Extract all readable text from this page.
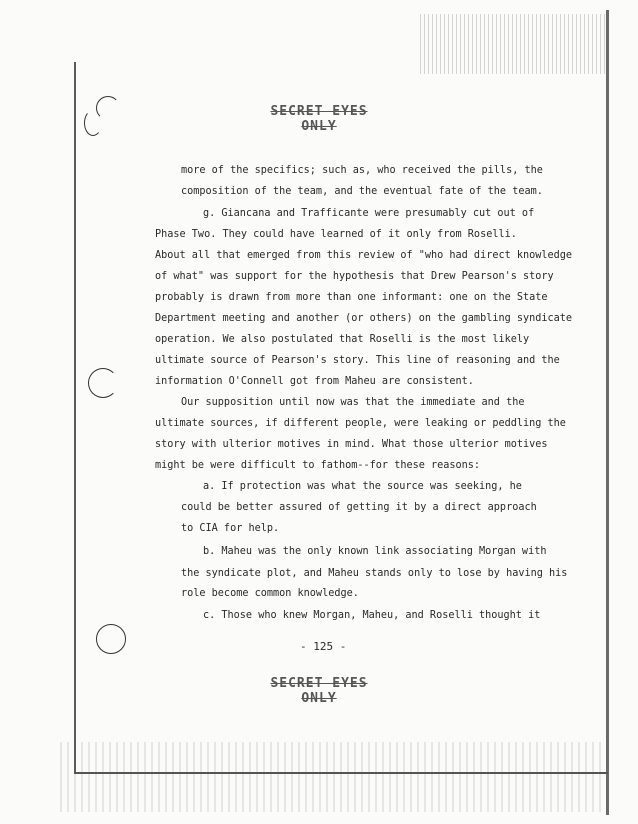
SECRET EYES ONLY
SECRET EYES ONLY
more of the specifics; such as, who received the pills, the
composition of the team, and the eventual fate of the team.
g. Giancana and Trafficante were presumably cut out of
Phase Two. They could have learned of it only from Roselli.
About all that emerged from this review of "who had direct knowledge
of what" was support for the hypothesis that Drew Pearson's story
probably is drawn from more than one informant: one on the State
Department meeting and another (or others) on the gambling syndicate
operation. We also postulated that Roselli is the most likely
ultimate source of Pearson's story. This line of reasoning and the
information O'Connell got from Maheu are consistent.
Our supposition until now was that the immediate and the
ultimate sources, if different people, were leaking or peddling the
story with ulterior motives in mind. What those ulterior motives
might be were difficult to fathom--for these reasons:
a. If protection was what the source was seeking, he
could be better assured of getting it by a direct approach
to CIA for help.
b. Maheu was the only known link associating Morgan with
the syndicate plot, and Maheu stands only to lose by having his
role become common knowledge.
c. Those who knew Morgan, Maheu, and Roselli thought it
- 125 -
